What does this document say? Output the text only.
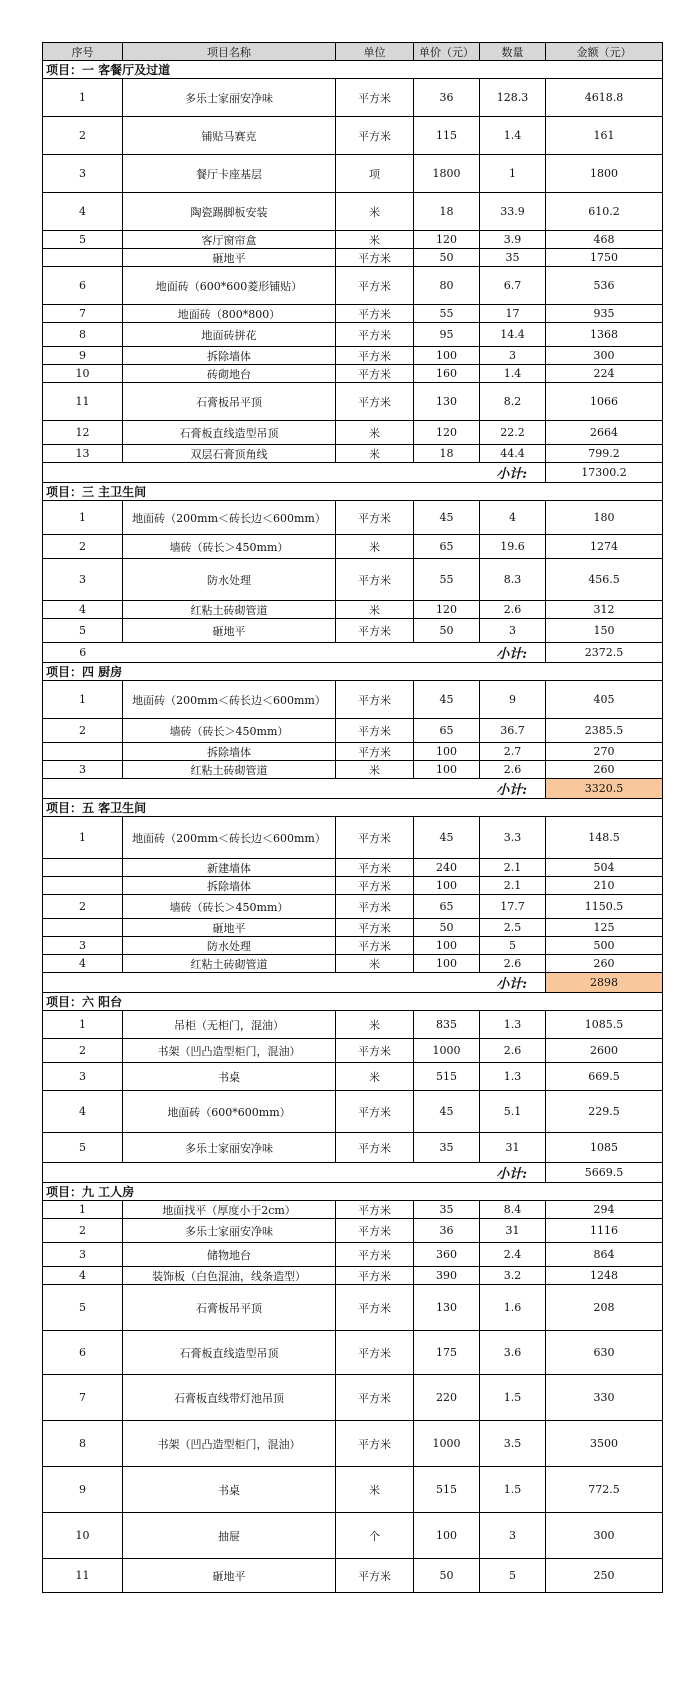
序号	项目名称	单位	单价（元）	数量	金额（元）
项目：一 客餐厅及过道					
1	多乐士家丽安净味	平方米	36	128.3	4618.8
2	铺贴马赛克	平方米	115	1.4	161
3	餐厅卡座基层	项	1800	1	1800
4	陶瓷踢脚板安装	米	18	33.9	610.2
5	客厅窗帘盒	米	120	3.9	468
	砸地平	平方米	50	35	1750
6	地面砖（600*600菱形铺贴）	平方米	80	6.7	536
7	地面砖（800*800）	平方米	55	17	935
8	地面砖拼花	平方米	95	14.4	1368
9	拆除墙体	平方米	100	3	300
10	砖砌地台	平方米	160	1.4	224
11	石膏板吊平顶	平方米	130	8.2	1066
12	石膏板直线造型吊顶	米	120	22.2	2664
13	双层石膏顶角线	米	18	44.4	799.2
	小计:				17300.2
项目：三 主卫生间					
1	地面砖（200mm＜砖长边＜600mm）	平方米	45	4	180
2	墙砖（砖长＞450mm）	米	65	19.6	1274
3	防水处理	平方米	55	8.3	456.5
4	红粘土砖砌管道	米	120	2.6	312
5	砸地平	平方米	50	3	150
6	小计:				2372.5
项目：四 厨房					
1	地面砖（200mm＜砖长边＜600mm）	平方米	45	9	405
2	墙砖（砖长＞450mm）	平方米	65	36.7	2385.5
	拆除墙体	平方米	100	2.7	270
3	红粘土砖砌管道	米	100	2.6	260
	小计:				3320.5
项目：五 客卫生间					
1	地面砖（200mm＜砖长边＜600mm）	平方米	45	3.3	148.5
	新建墙体	平方米	240	2.1	504
	拆除墙体	平方米	100	2.1	210
2	墙砖（砖长＞450mm）	平方米	65	17.7	1150.5
	砸地平	平方米	50	2.5	125
3	防水处理	平方米	100	5	500
4	红粘土砖砌管道	米	100	2.6	260
	小计:				2898
项目：六 阳台					
1	吊柜（无柜门，混油）	米	835	1.3	1085.5
2	书架（凹凸造型柜门，混油）	平方米	1000	2.6	2600
3	书桌	米	515	1.3	669.5
4	地面砖（600*600mm）	平方米	45	5.1	229.5
5	多乐士家丽安净味	平方米	35	31	1085
	小计:				5669.5
项目：九 工人房					
1	地面找平（厚度小于2cm）	平方米	35	8.4	294
2	多乐士家丽安净味	平方米	36	31	1116
3	储物地台	平方米	360	2.4	864
4	装饰板（白色混油，线条造型）	平方米	390	3.2	1248
5	石膏板吊平顶	平方米	130	1.6	208
6	石膏板直线造型吊顶	平方米	175	3.6	630
7	石膏板直线带灯池吊顶	平方米	220	1.5	330
8	书架（凹凸造型柜门，混油）	平方米	1000	3.5	3500
9	书桌	米	515	1.5	772.5
10	抽屉	个	100	3	300
11	砸地平	平方米	50	5	250
